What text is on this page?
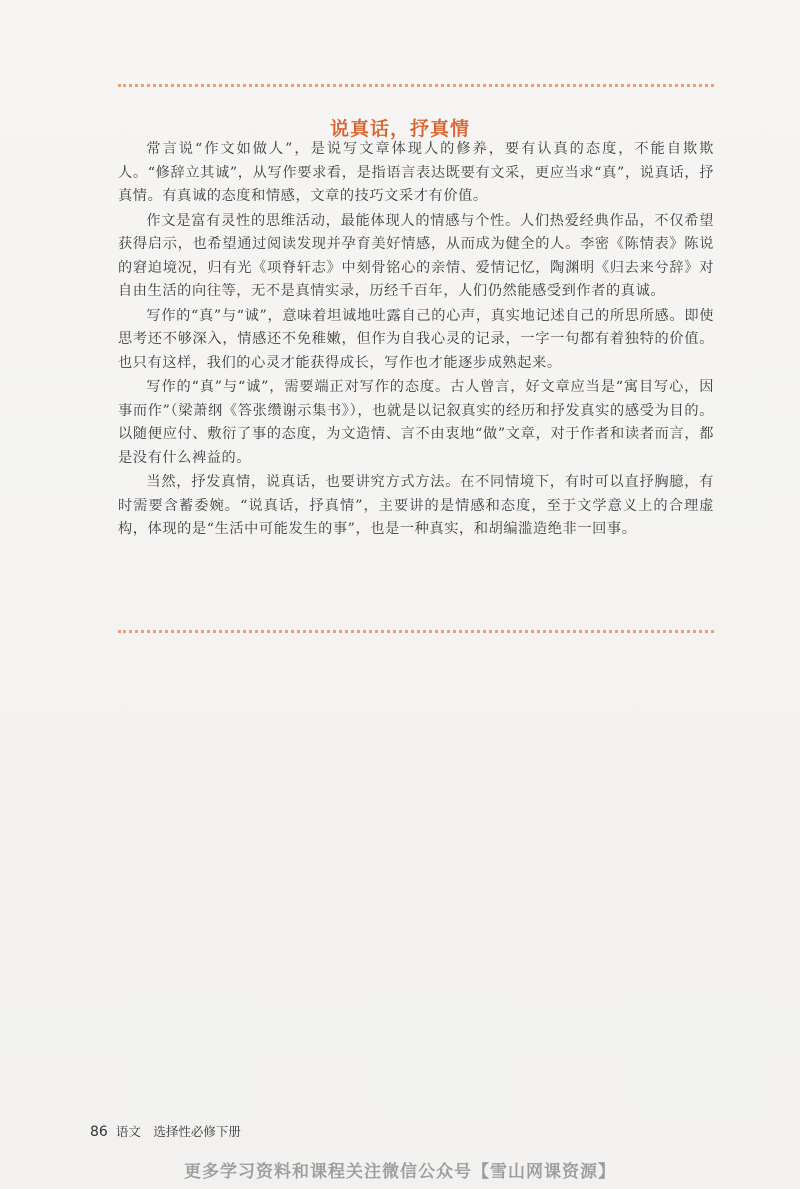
说真话，抒真情

常言说“作文如做人”，是说写文章体现人的修养，要有认真的态度，不能自欺欺人。“修辞立其诚”，从写作要求看，是指语言表达既要有文采，更应当求“真”，说真话，抒真情。有真诚的态度和情感，文章的技巧文采才有价值。

作文是富有灵性的思维活动，最能体现人的情感与个性。人们热爱经典作品，不仅希望获得启示，也希望通过阅读发现并孕育美好情感，从而成为健全的人。李密《陈情表》陈说的窘迫境况，归有光《项脊轩志》中刻骨铭心的亲情、爱情记忆，陶渊明《归去来兮辞》对自由生活的向往等，无不是真情实录，历经千百年，人们仍然能感受到作者的真诚。

写作的“真”与“诚”，意味着坦诚地吐露自己的心声，真实地记述自己的所思所感。即使思考还不够深入，情感还不免稚嫩，但作为自我心灵的记录，一字一句都有着独特的价值。也只有这样，我们的心灵才能获得成长，写作也才能逐步成熟起来。

写作的“真”与“诚”，需要端正对写作的态度。古人曾言，好文章应当是“寓目写心，因事而作”（梁萧纲《答张缵谢示集书》），也就是以记叙真实的经历和抒发真实的感受为目的。以随便应付、敷衍了事的态度，为文造情、言不由衷地“做”文章，对于作者和读者而言，都是没有什么裨益的。

当然，抒发真情，说真话，也要讲究方式方法。在不同情境下，有时可以直抒胸臆，有时需要含蓄委婉。“说真话，抒真情”，主要讲的是情感和态度，至于文学意义上的合理虚构，体现的是“生活中可能发生的事”，也是一种真实，和胡编滥造绝非一回事。

86 语文　选择性必修下册
更多学习资料和课程关注微信公众号【雪山网课资源】
